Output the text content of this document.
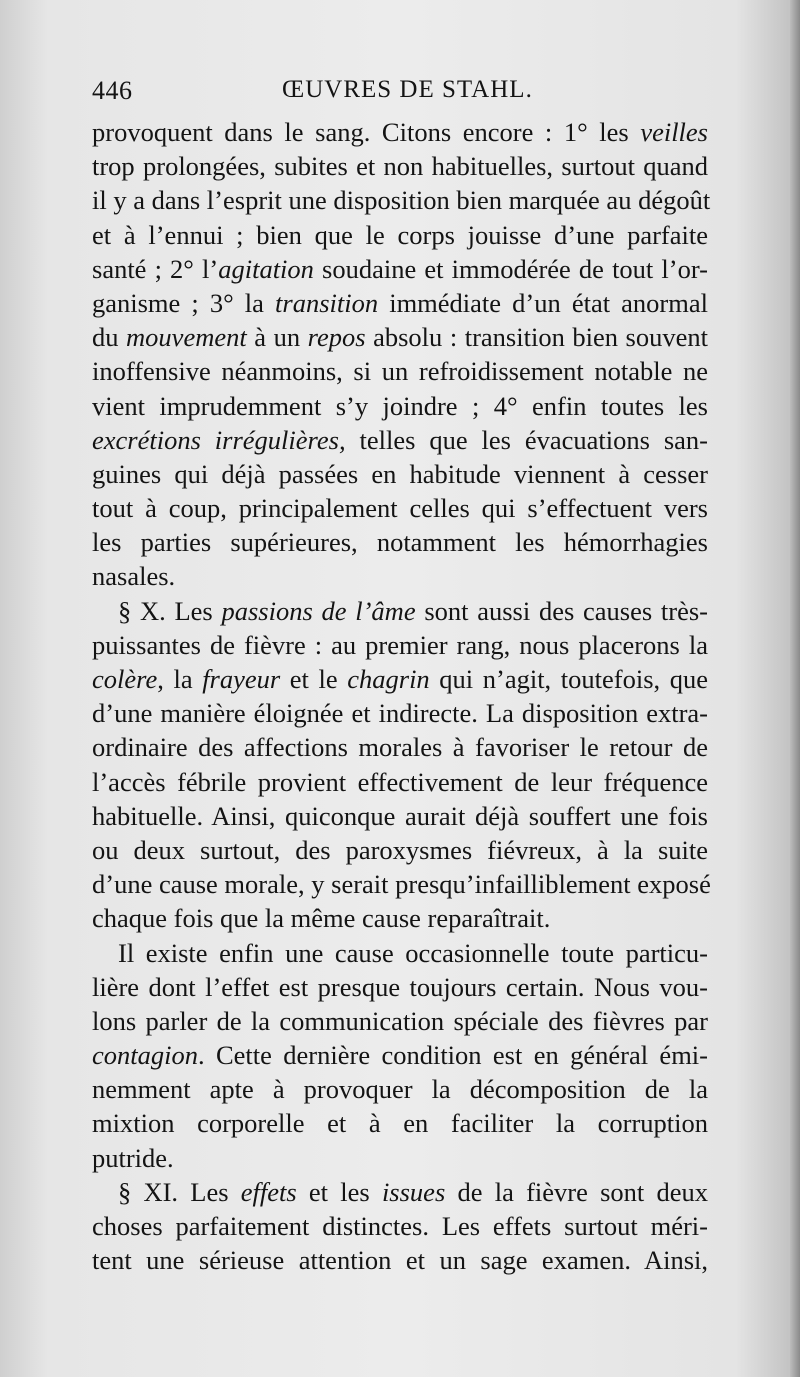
446	ŒUVRES DE STAHL.
provoquent dans le sang. Citons encore : 1° les veilles
trop prolongées, subites et non habituelles, surtout quand
il y a dans l’esprit une disposition bien marquée au dégoût
et à l’ennui ; bien que le corps jouisse d’une parfaite
santé ; 2° l’agitation soudaine et immodérée de tout l’or-
ganisme ; 3° la transition immédiate d’un état anormal
du mouvement à un repos absolu : transition bien souvent
inoffensive néanmoins, si un refroidissement notable ne
vient imprudemment s’y joindre ; 4° enfin toutes les
excrétions irrégulières, telles que les évacuations san-
guines qui déjà passées en habitude viennent à cesser
tout à coup, principalement celles qui s’effectuent vers
les parties supérieures, notamment les hémorrhagies
nasales.
§ X. Les passions de l’âme sont aussi des causes très-
puissantes de fièvre : au premier rang, nous placerons la
colère, la frayeur et le chagrin qui n’agit, toutefois, que
d’une manière éloignée et indirecte. La disposition extra-
ordinaire des affections morales à favoriser le retour de
l’accès fébrile provient effectivement de leur fréquence
habituelle. Ainsi, quiconque aurait déjà souffert une fois
ou deux surtout, des paroxysmes fiévreux, à la suite
d’une cause morale, y serait presqu’infailliblement exposé
chaque fois que la même cause reparaîtrait.
Il existe enfin une cause occasionnelle toute particu-
lière dont l’effet est presque toujours certain. Nous vou-
lons parler de la communication spéciale des fièvres par
contagion. Cette dernière condition est en général émi-
nemment apte à provoquer la décomposition de la
mixtion corporelle et à en faciliter la corruption
putride.
§ XI. Les effets et les issues de la fièvre sont deux
choses parfaitement distinctes. Les effets surtout méri-
tent une sérieuse attention et un sage examen. Ainsi,
